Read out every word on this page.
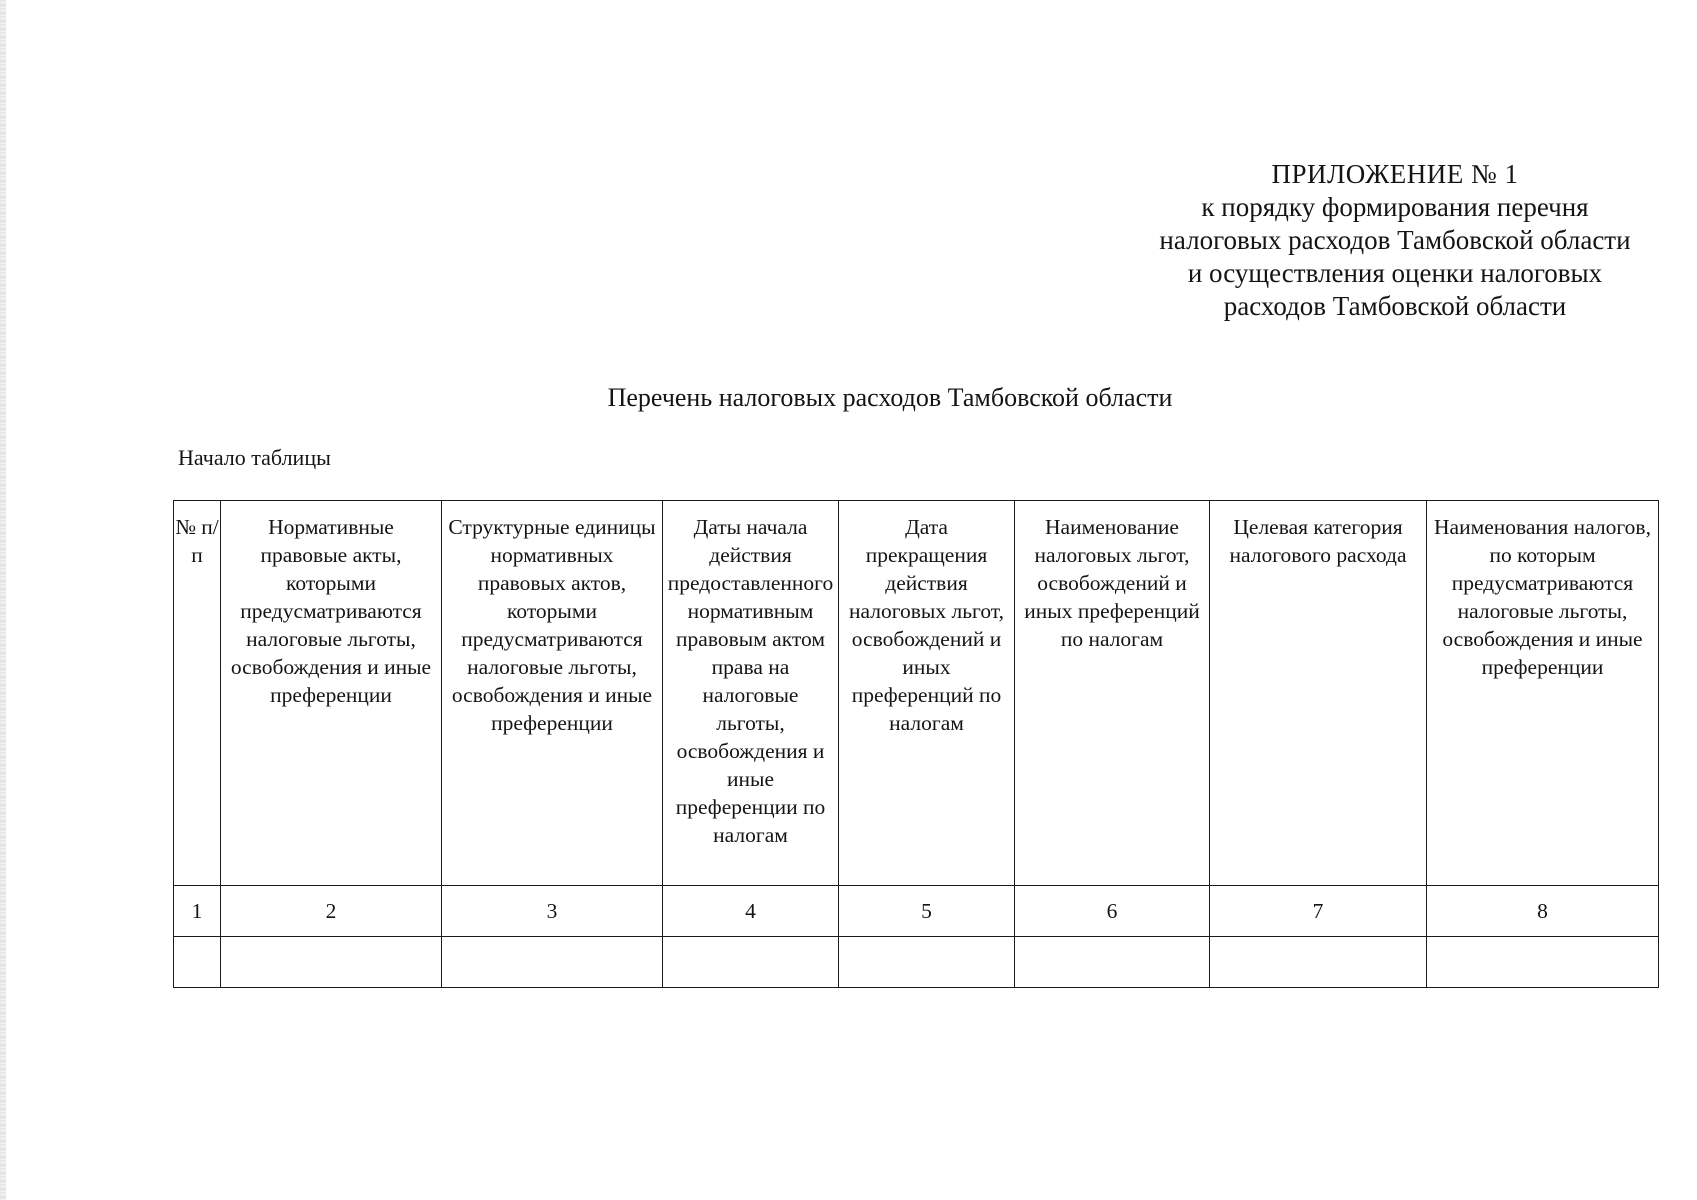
ПРИЛОЖЕНИЕ № 1
к порядку формирования перечня
налоговых расходов Тамбовской области
и осуществления оценки налоговых
расходов Тамбовской области
Перечень налоговых расходов Тамбовской области
Начало таблицы
№ п/п	Нормативные правовые акты, которыми предусматриваются налоговые льготы, освобождения и иные преференции	Структурные единицы нормативных правовых актов, которыми предусматриваются налоговые льготы, освобождения и иные преференции	Даты начала действия предоставленного нормативным правовым актом права на налоговые льготы, освобождения и иные преференции по налогам	Дата прекращения действия налоговых льгот, освобождений и иных преференций по налогам	Наименование налоговых льгот, освобождений и иных преференций по налогам	Целевая категория налогового расхода	Наименования налогов, по которым предусматриваются налоговые льготы, освобождения и иные преференции
1	2	3	4	5	6	7	8
